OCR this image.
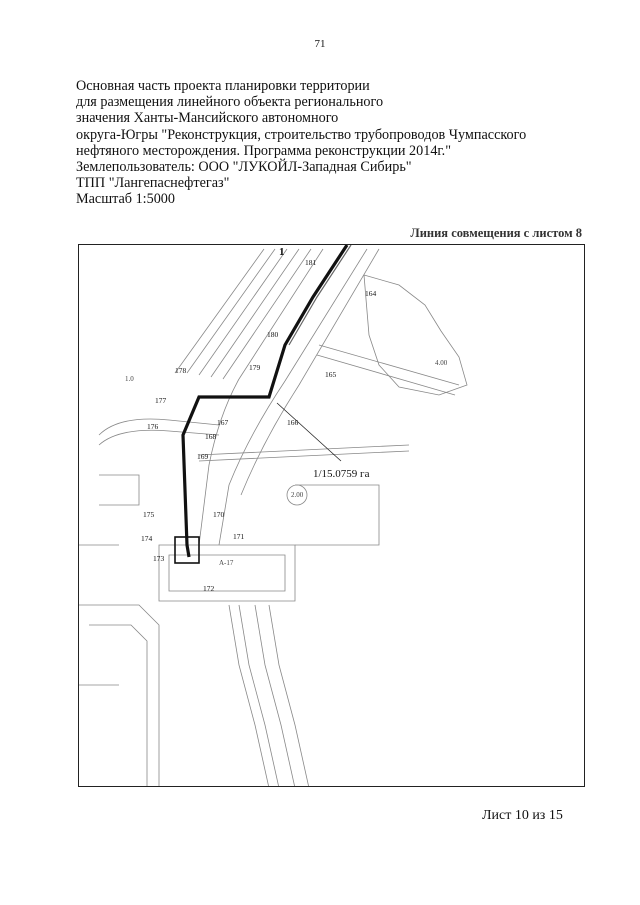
71
Основная часть проекта планировки территории
для размещения линейного объекта регионального
значения Ханты-Мансийского автономного
округа-Югры "Реконструкция, строительство трубопроводов Чумпасского
нефтяного месторождения. Программа реконструкции 2014г."
Землепользователь: ООО "ЛУКОЙЛ-Западная Сибирь"
ТПП "Лангепаснефтегаз"
Масштаб 1:5000
Линия совмещения с листом 8
1
1/15.0759 га
181
164
180
165
179
178
177
167	166
176
168
169
175	170
171
174
173
172
4.00
2.00
1.0
А-17
Лист 10 из 15
